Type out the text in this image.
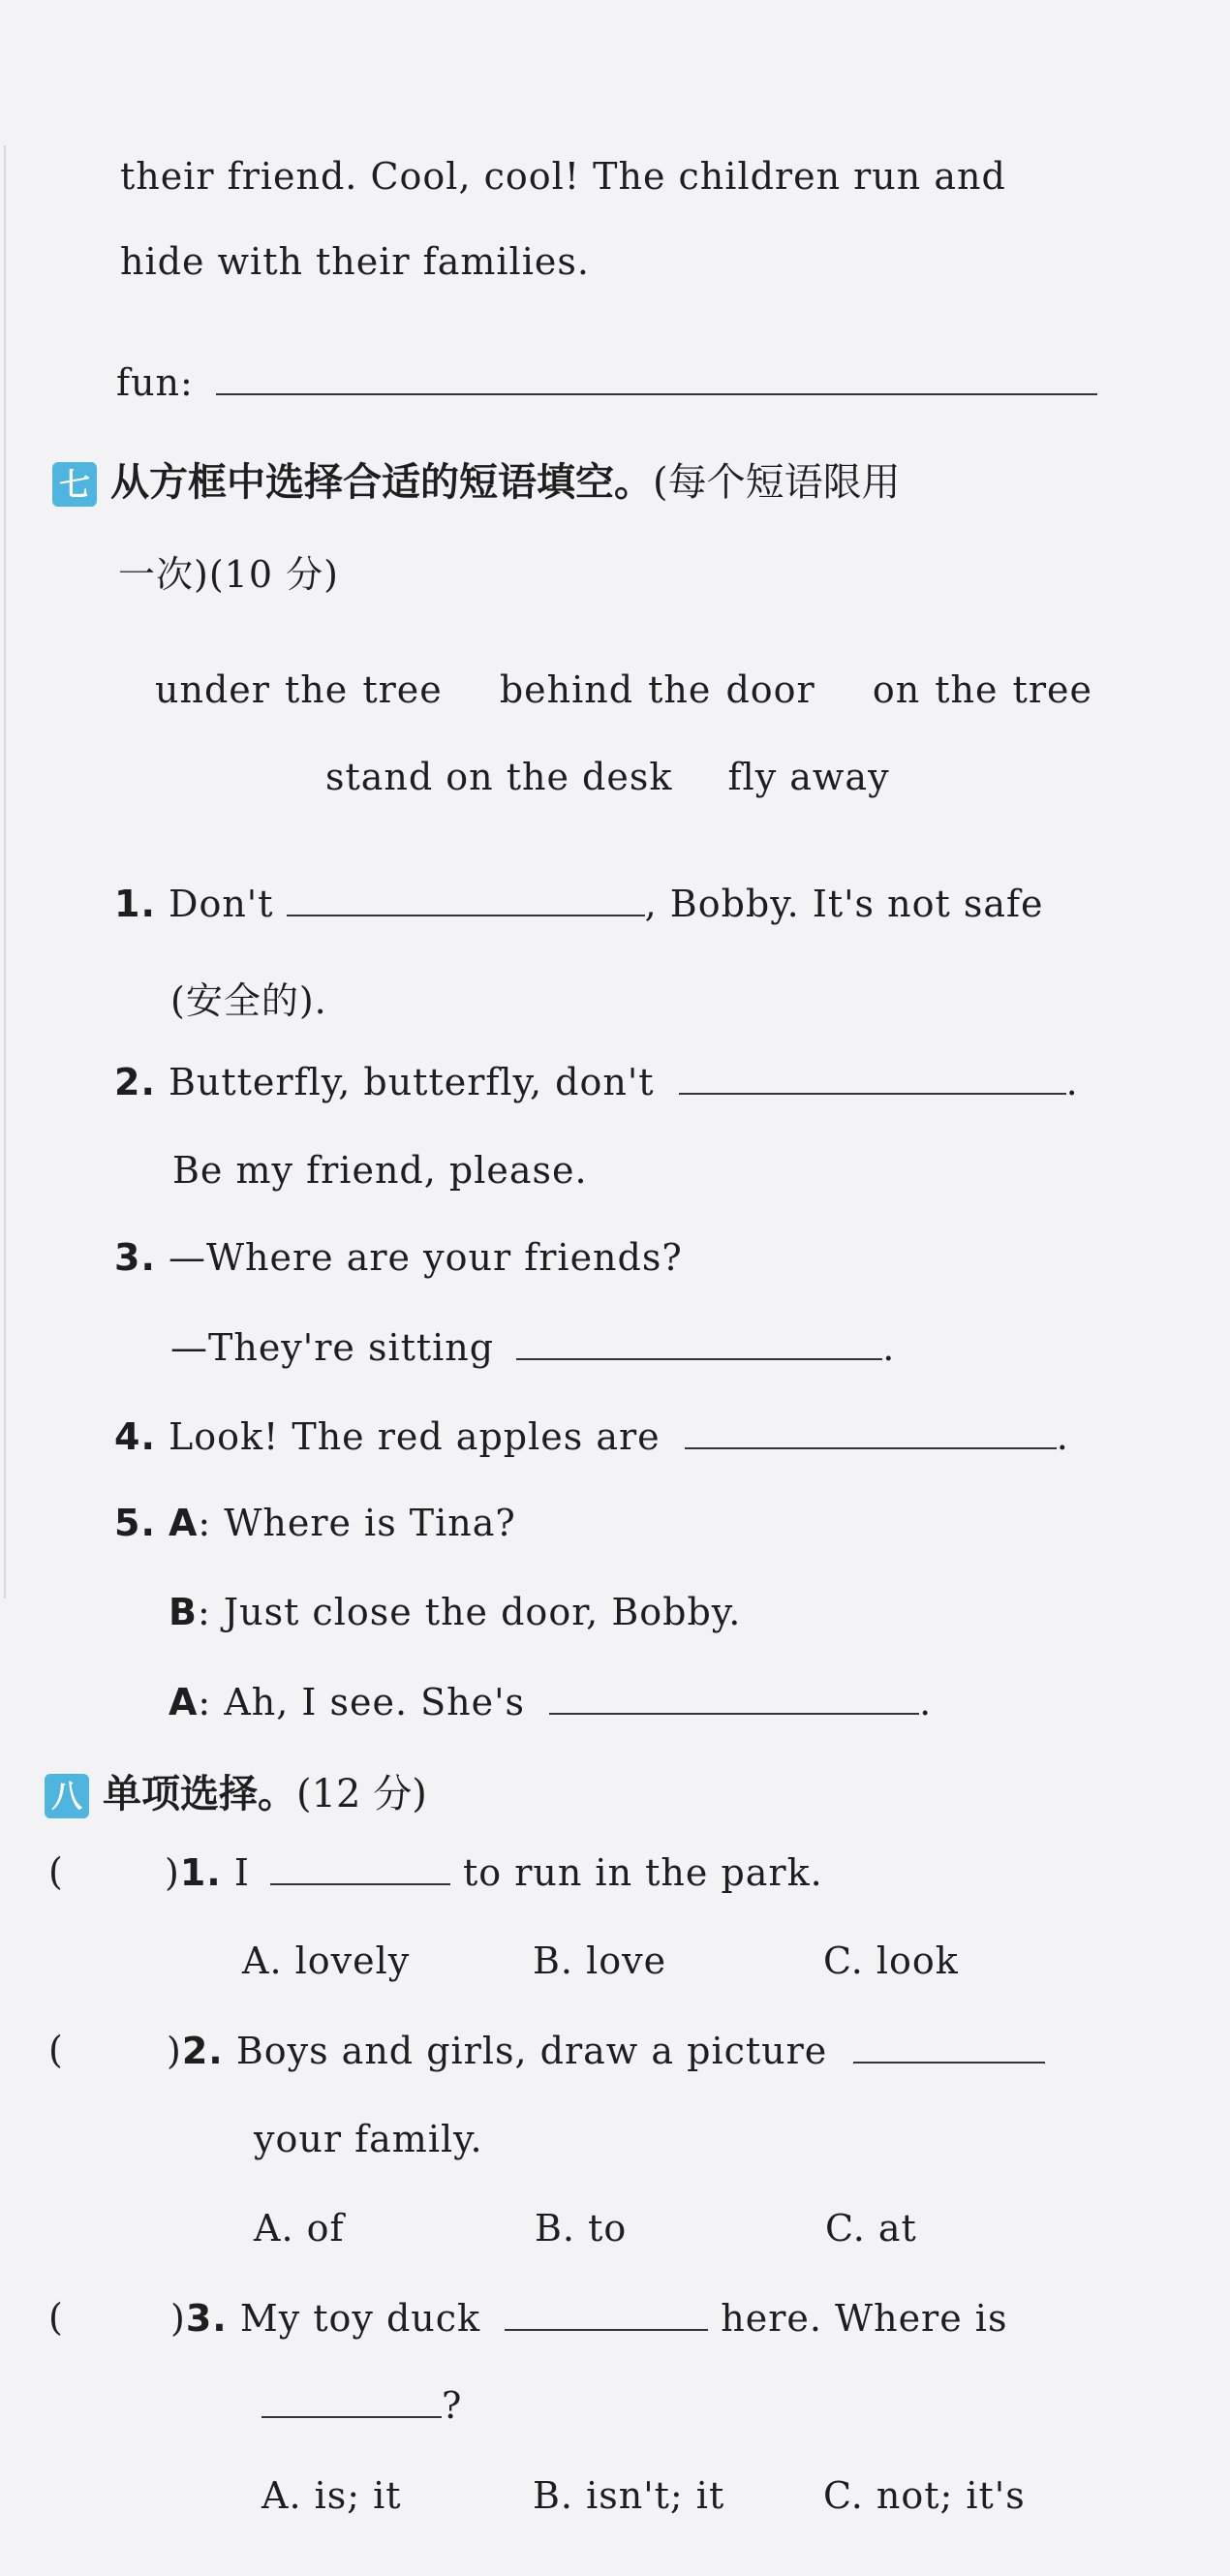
their friend. Cool, cool! The children run and
hide with their families.
fun:
七 从方框中选择合适的短语填空。(每个短语限用
一次)(10 分)
under the tree behind the door on the tree
stand on the desk fly away
1. Don't	, Bobby. It's not safe
(安全的).
2. Butterfly, butterfly, don't	.
Be my friend, please.
3. —Where are your friends?
—They're sitting	.
4. Look! The red apples are	.
5. A: Where is Tina?
B: Just close the door, Bobby.
A: Ah, I see. She's	.
八 单项选择。(12 分)
(	)1. I	to run in the park.
A. lovely	B. love	C. look
(	)2. Boys and girls, draw a picture
your family.
A. of	B. to	C. at
(	)3. My toy duck	here. Where is
?
A. is; it	B. isn't; it	C. not; it's
